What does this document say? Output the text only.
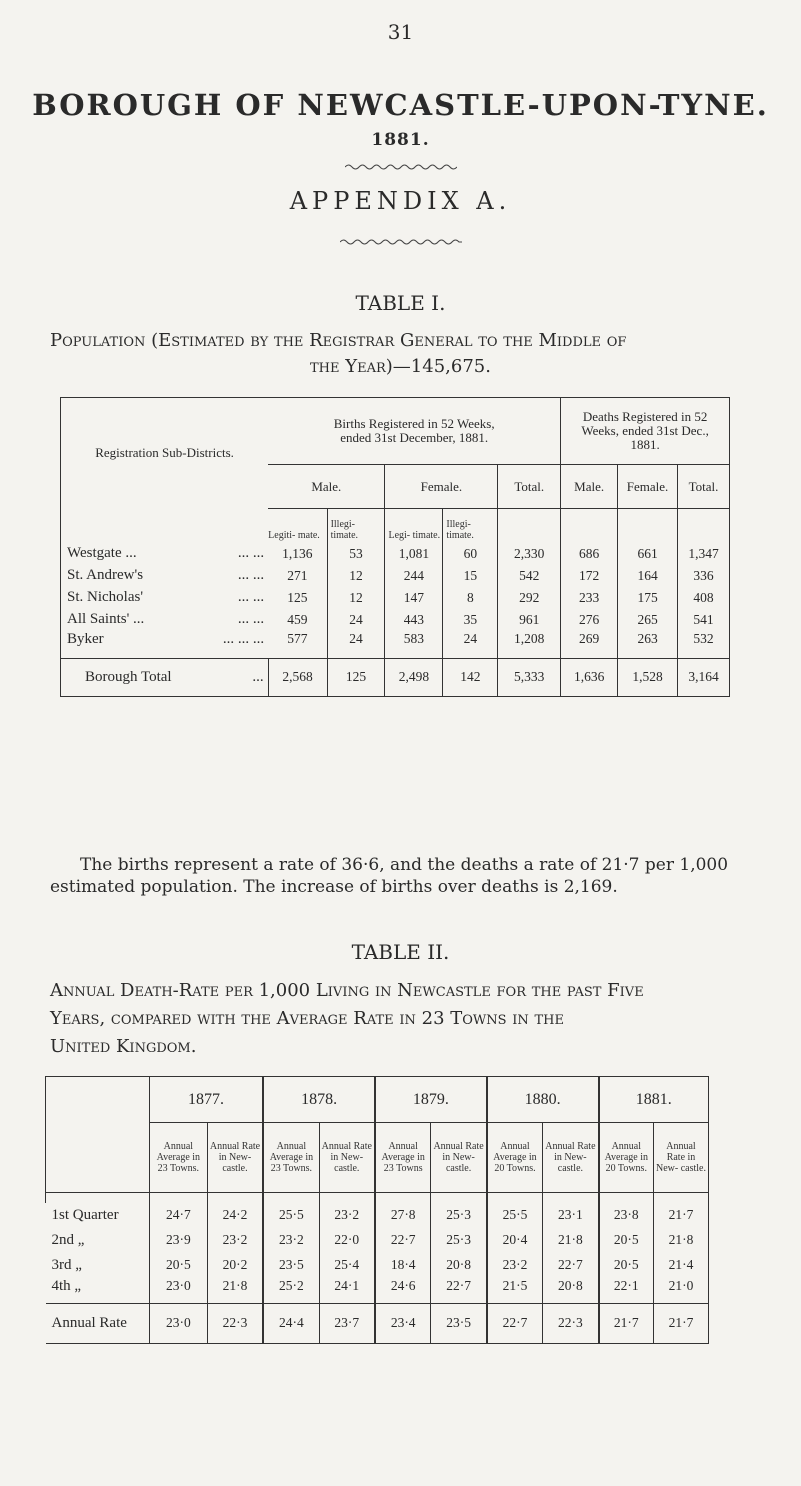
31
BOROUGH OF NEWCASTLE-UPON-TYNE.
1881.
APPENDIX A.
TABLE I.
Population (Estimated by the Registrar General to the Middle of
the Year)—145,675.
Registration Sub-Districts.	Births Registered in 52 Weeks, ended 31st December, 1881.					Deaths Registered in 52 Weeks, ended 31st Dec., 1881.		
	Male.		Female.		Total.	Male.	Female.	Total.
	Legiti- mate.	Illegi- timate.	Legi- timate.	Illegi- timate.				
Westgate ... ... ...	1,136	53	1,081	60	2,330	686	661	1,347
St. Andrew's ... ...	271	12	244	15	542	172	164	336
St. Nicholas' ... ...	125	12	147	8	292	233	175	408
All Saints' ... ... ...	459	24	443	35	961	276	265	541
Byker ... ... ...	577	24	583	24	1,208	269	263	532
Borough Total ...	2,568	125	2,498	142	5,333	1,636	1,528	3,164
The births represent a rate of 36·6, and the deaths a rate of 21·7 per 1,000
estimated population. The increase of births over deaths is 2,169.
TABLE II.
Annual Death-Rate per 1,000 Living in Newcastle for the past Five
Years, compared with the Average Rate in 23 Towns in the
United Kingdom.
	1877.		1878.		1879.		1880.		1881.	
	Annual Average in 23 Towns.	Annual Rate in New- castle.	Annual Average in 23 Towns.	Annual Rate in New- castle.	Annual Average in 23 Towns	Annual Rate in New- castle.	Annual Average in 20 Towns.	Annual Rate in New- castle.	Annual Average in 20 Towns.	Annual Rate in New- castle.

1st Quarter	24·7	24·2	25·5	23·2	27·8	25·3	25·5	23·1	23·8	21·7
2nd „	23·9	23·2	23·2	22·0	22·7	25·3	20·4	21·8	20·5	21·8
3rd „	20·5	20·2	23·5	25·4	18·4	20·8	23·2	22·7	20·5	21·4
4th „	23·0	21·8	25·2	24·1	24·6	22·7	21·5	20·8	22·1	21·0
Annual Rate	23·0	22·3	24·4	23·7	23·4	23·5	22·7	22·3	21·7	21·7
